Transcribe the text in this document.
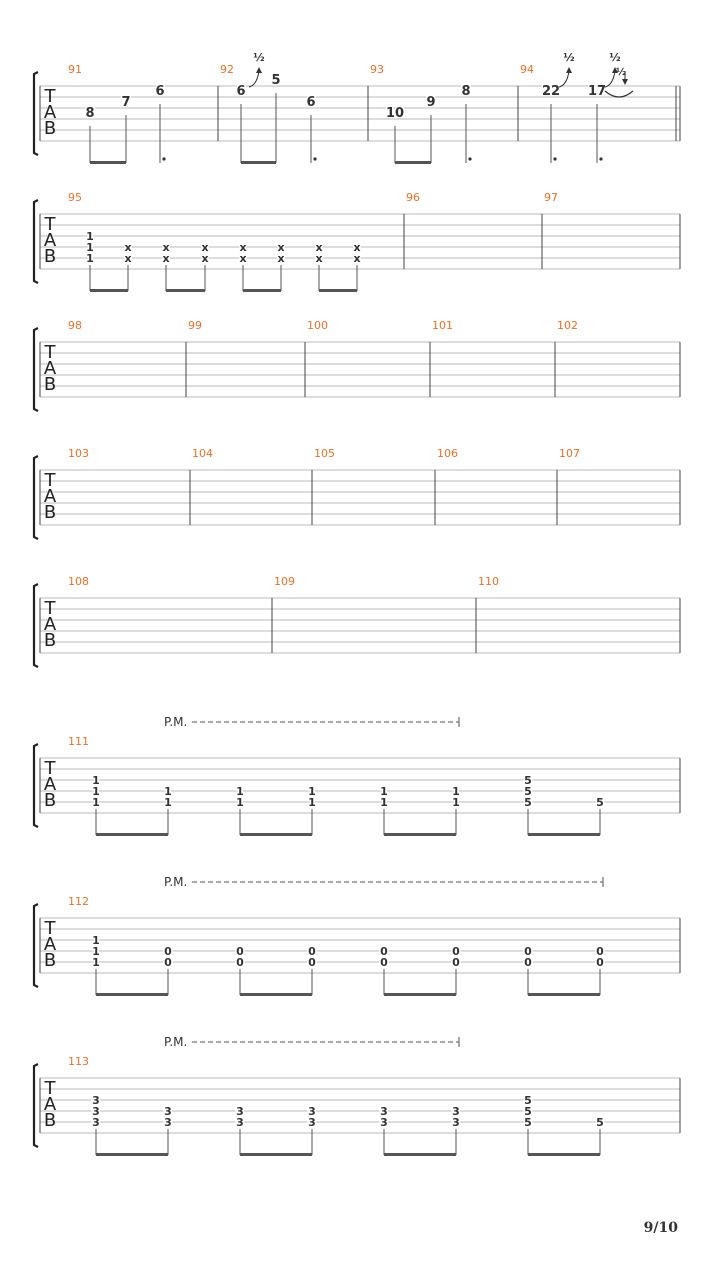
T
A
B
91
8
7
6
92
6
½
5
6
93
10
9
8
94
22
½
17
½
½
T
A
B
95
1
1
1
x
x
x
x
x
x
x
x
x
x
x
x
x
x
96	97
T
A
B
98	99	100	101	102
T
A
B
103	104	105	106	107
T
A
B
108	109	110
T
A
B
P.M.
111
1
1
1
1
1
1
1
1
1
1
1
1
1
5
5
5	5
T
A
B
P.M.
112
1
1
1
0
0
0
0
0
0
0
0
0
0
0
0
0
0
T
A
B
P.M.
113
3
3
3
3
3
3
3
3
3
3
3
3
3
5
5
5	5
9/10
